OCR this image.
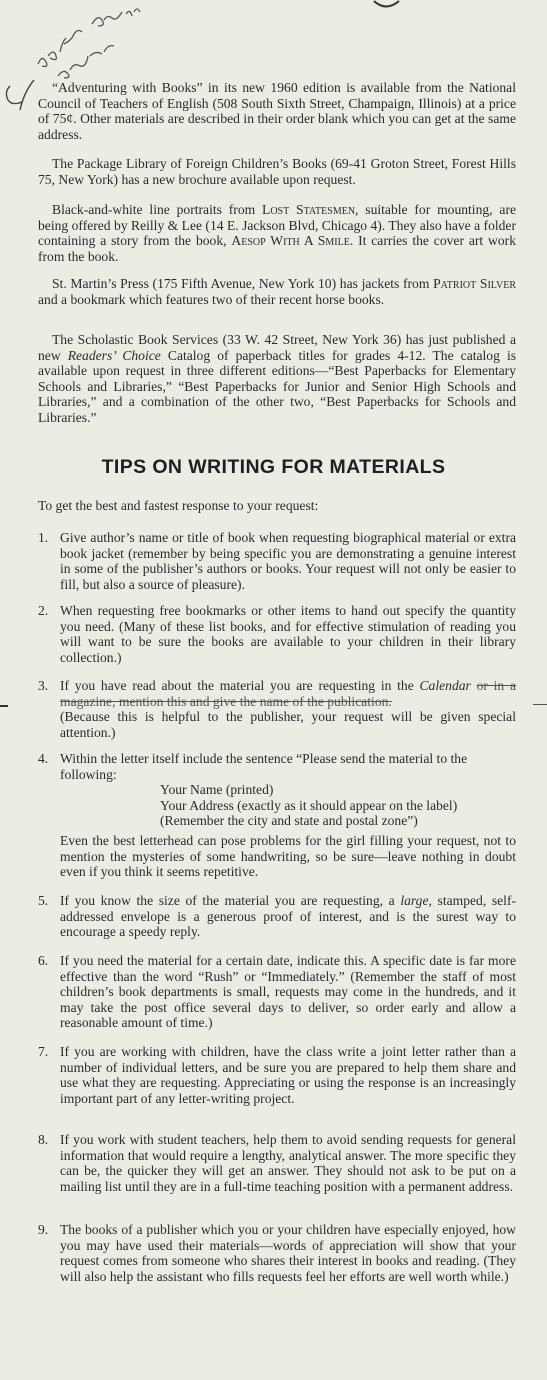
“Adventuring with Books” in its new 1960 edition is available from the National Council of Teachers of English (508 South Sixth Street, Champaign, Illinois) at a price of 75¢. Other materials are described in their order blank which you can get at the same address.

The Package Library of Foreign Children’s Books (69-41 Groton Street, Forest Hills 75, New York) has a new brochure available upon request.

Black-and-white line portraits from Lost Statesmen, suitable for mounting, are being offered by Reilly & Lee (14 E. Jackson Blvd, Chicago 4). They also have a folder containing a story from the book, Aesop With A Smile. It carries the cover art work from the book.

St. Martin’s Press (175 Fifth Avenue, New York 10) has jackets from Patriot Silver and a bookmark which features two of their recent horse books.

The Scholastic Book Services (33 W. 42 Street, New York 36) has just published a new Readers’ Choice Catalog of paperback titles for grades 4-12. The catalog is available upon request in three different editions—“Best Paperbacks for Elementary Schools and Libraries,” “Best Paperbacks for Junior and Senior High Schools and Libraries,” and a combination of the other two, “Best Paperbacks for Schools and Libraries.”

TIPS ON WRITING FOR MATERIALS

To get the best and fastest response to your request:

1. Give author’s name or title of book when requesting biographical material or extra book jacket (remember by being specific you are demonstrating a genuine interest in some of the publisher’s authors or books. Your request will not only be easier to fill, but also a source of pleasure).

2. When requesting free bookmarks or other items to hand out specify the quantity you need. (Many of these list books, and for effective stimulation of reading you will want to be sure the books are available to your children in their library collection.)

3. If you have read about the material you are requesting in the Calendar or in a magazine, mention this and give the name of the publication.

(Because this is helpful to the publisher, your request will be given special attention.)

4. Within the letter itself include the sentence “Please send the material to the following:

Your Name (printed)
Your Address (exactly as it should appear on the label)
(Remember the city and state and postal zone”)

Even the best letterhead can pose problems for the girl filling your request, not to mention the mysteries of some handwriting, so be sure—leave nothing in doubt even if you think it seems repetitive.

5. If you know the size of the material you are requesting, a large, stamped, self-addressed envelope is a generous proof of interest, and is the surest way to encourage a speedy reply.

6. If you need the material for a certain date, indicate this. A specific date is far more effective than the word “Rush” or “Immediately.” (Remember the staff of most children’s book departments is small, requests may come in the hundreds, and it may take the post office several days to deliver, so order early and allow a reasonable amount of time.)

7. If you are working with children, have the class write a joint letter rather than a number of individual letters, and be sure you are prepared to help them share and use what they are requesting. Appreciating or using the response is an increasingly important part of any letter-writing project.

8. If you work with student teachers, help them to avoid sending requests for general information that would require a lengthy, analytical answer. The more specific they can be, the quicker they will get an answer. They should not ask to be put on a mailing list until they are in a full-time teaching position with a permanent address.

9. The books of a publisher which you or your children have especially enjoyed, how you may have used their materials—words of appreciation will show that your request comes from someone who shares their interest in books and reading. (They will also help the assistant who fills requests feel her efforts are well worth while.)
